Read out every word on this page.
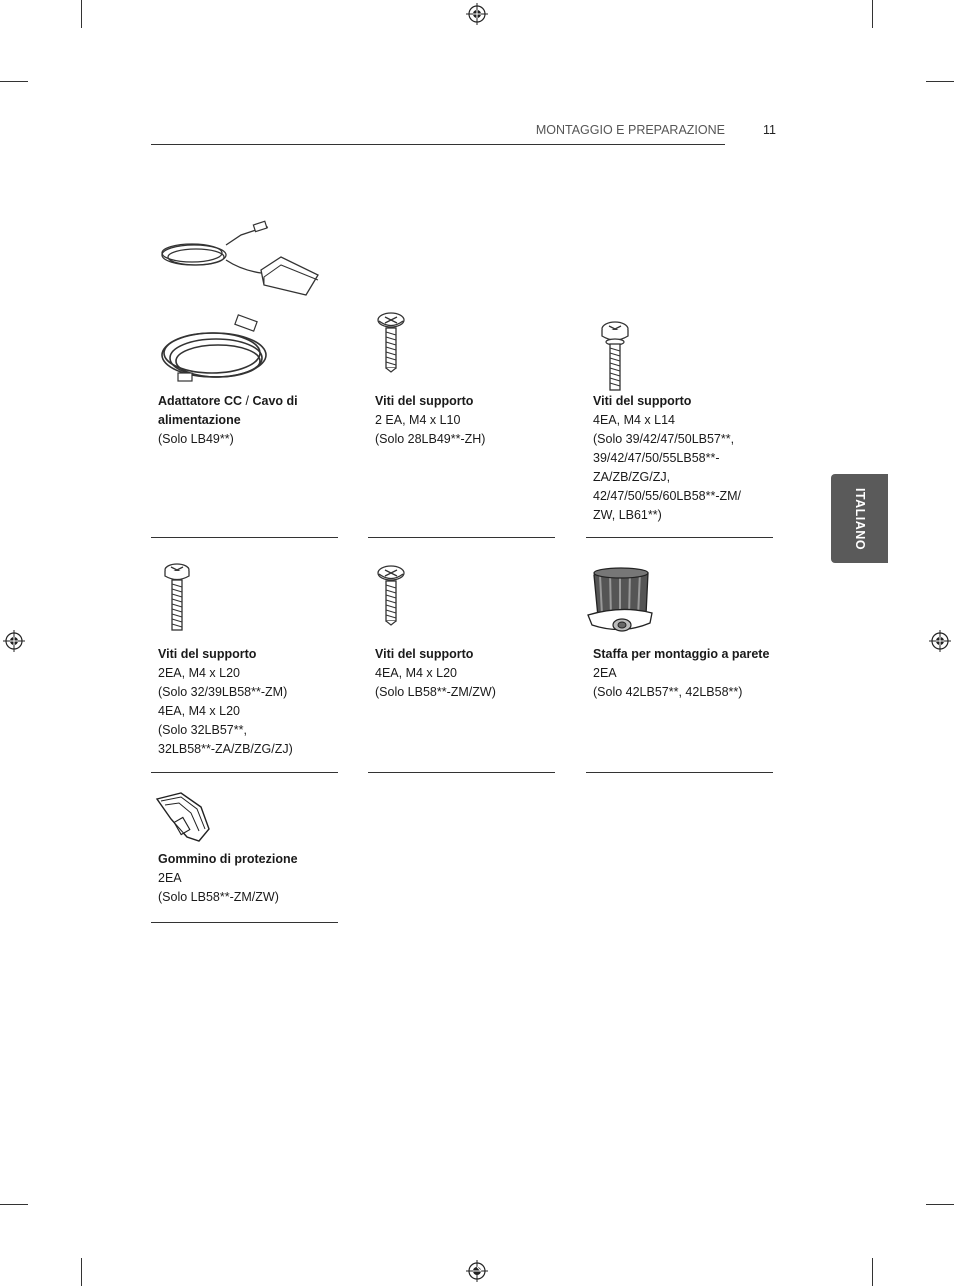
MONTAGGIO E PREPARAZIONE	11
ITALIANO
Adattatore CC / Cavo di alimentazione
(Solo LB49**)
Viti del supporto
2 EA, M4 x L10
(Solo 28LB49**-ZH)
Viti del supporto
4EA, M4 x L14
(Solo 39/42/47/50LB57**,
39/42/47/50/55LB58**-
ZA/ZB/ZG/ZJ,
42/47/50/55/60LB58**-ZM/
ZW, LB61**)
Viti del supporto
2EA, M4 x L20
(Solo 32/39LB58**-ZM)
4EA, M4 x L20
(Solo 32LB57**,
32LB58**-ZA/ZB/ZG/ZJ)
Viti del supporto
4EA, M4 x L20
(Solo LB58**-ZM/ZW)
Staffa per montaggio a parete
2EA
(Solo 42LB57**, 42LB58**)
Gommino di protezione
2EA
(Solo LB58**-ZM/ZW)
